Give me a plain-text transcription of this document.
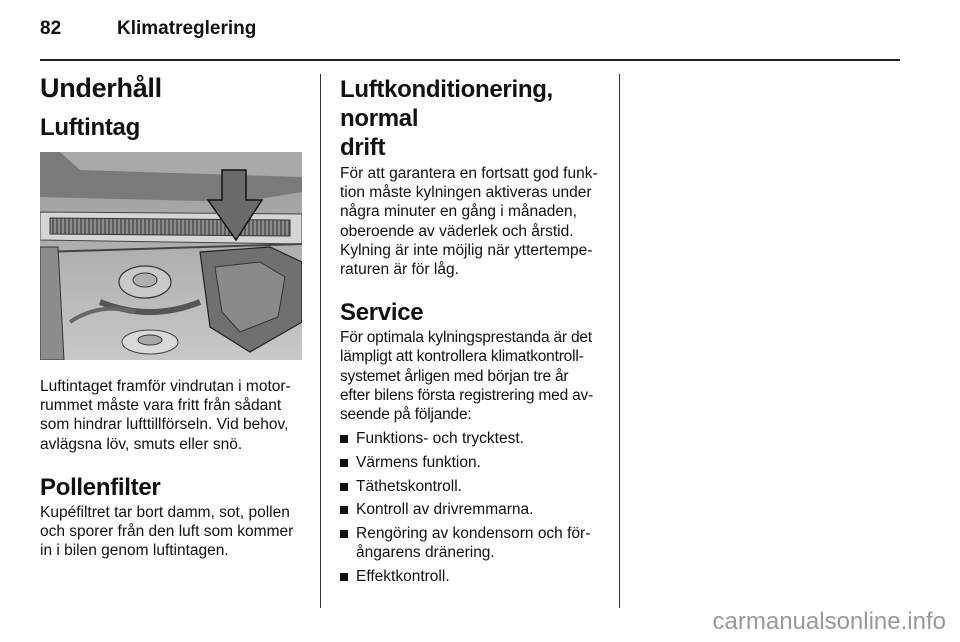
82	Klimatreglering
Underhåll
Luftintag

Luftintaget framför vindrutan i motor-
rummet måste vara fritt från sådant
som hindrar lufttillförseln. Vid behov,
avlägsna löv, smuts eller snö.

Pollenfilter

Kupéfiltret tar bort damm, sot, pollen
och sporer från den luft som kommer
in i bilen genom luftintagen.

Luftkonditionering, normal
drift

För att garantera en fortsatt god funk-
tion måste kylningen aktiveras under
några minuter en gång i månaden,
oberoende av väderlek och årstid.
Kylning är inte möjlig när yttertempe-
raturen är för låg.

Service

För optimala kylningsprestanda är det
lämpligt att kontrollera klimatkontroll-
systemet årligen med början tre år
efter bilens första registrering med av-
seende på följande:

Funktions- och trycktest.
Värmens funktion.
Täthetskontroll.
Kontroll av drivremmarna.
Rengöring av kondensorn och för-
ångarens dränering.
Effektkontroll.
carmanualsonline.info
